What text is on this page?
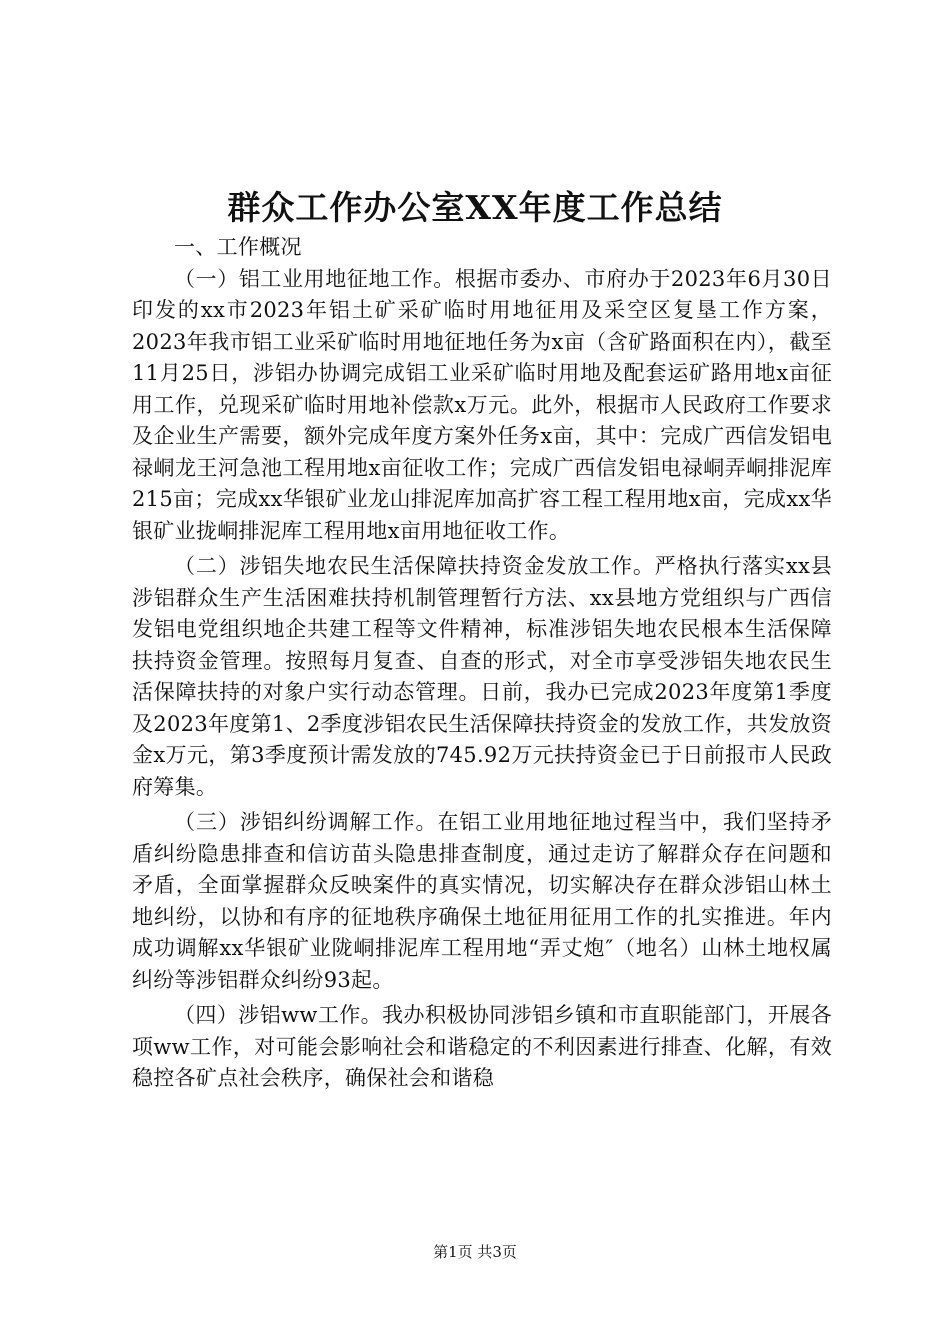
群众工作办公室XX年度工作总结

一、工作概况

（一）铝工业用地征地工作。根据市委办、市府办于2023年6月30日印发的xx市2023年铝土矿采矿临时用地征用及采空区复垦工作方案，2023年我市铝工业采矿临时用地征地任务为x亩（含矿路面积在内），截至11月25日，涉铝办协调完成铝工业采矿临时用地及配套运矿路用地x亩征用工作，兑现采矿临时用地补偿款x万元。此外，根据市人民政府工作要求及企业生产需要，额外完成年度方案外任务x亩，其中：完成广西信发铝电禄峒龙王河急池工程用地x亩征收工作；完成广西信发铝电禄峒弄峒排泥库215亩；完成xx华银矿业龙山排泥库加高扩容工程工程用地x亩，完成xx华银矿业拢峒排泥库工程用地x亩用地征收工作。

（二）涉铝失地农民生活保障扶持资金发放工作。严格执行落实xx县涉铝群众生产生活困难扶持机制管理暂行方法、xx县地方党组织与广西信发铝电党组织地企共建工程等文件精神，标准涉铝失地农民根本生活保障扶持资金管理。按照每月复查、自查的形式，对全市享受涉铝失地农民生活保障扶持的对象户实行动态管理。日前，我办已完成2023年度第1季度及2023年度第1、2季度涉铝农民生活保障扶持资金的发放工作，共发放资金x万元，第3季度预计需发放的745.92万元扶持资金已于日前报市人民政府筹集。

（三）涉铝纠纷调解工作。在铝工业用地征地过程当中，我们坚持矛盾纠纷隐患排查和信访苗头隐患排查制度，通过走访了解群众存在问题和矛盾，全面掌握群众反映案件的真实情况，切实解决存在群众涉铝山林土地纠纷，以协和有序的征地秩序确保土地征用征用工作的扎实推进。年内成功调解xx华银矿业陇峒排泥库工程用地“弄丈炮″（地名）山林土地权属纠纷等涉铝群众纠纷93起。

（四）涉铝ww工作。我办积极协同涉铝乡镇和市直职能部门，开展各项ww工作，对可能会影响社会和谐稳定的不利因素进行排查、化解，有效稳控各矿点社会秩序，确保社会和谐稳

第1页 共3页
